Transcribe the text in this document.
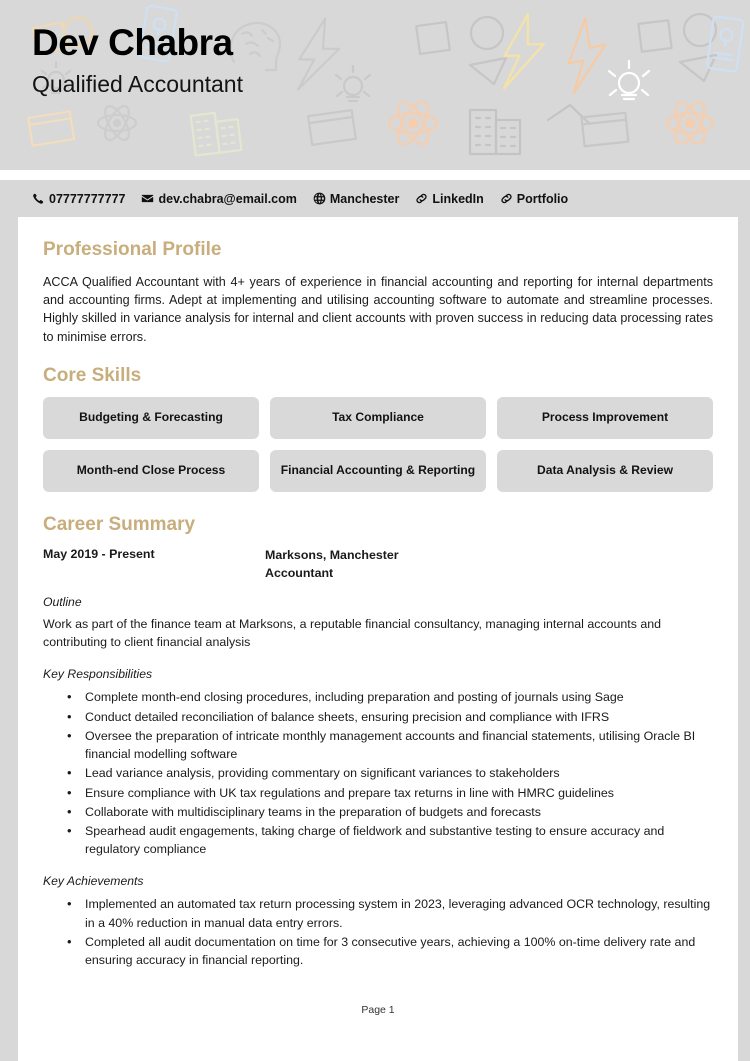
Dev Chabra
Qualified Accountant
07777777777	dev.chabra@email.com	Manchester	LinkedIn	Portfolio
Professional Profile

ACCA Qualified Accountant with 4+ years of experience in financial accounting and reporting for internal departments and accounting firms. Adept at implementing and utilising accounting software to automate and streamline processes. Highly skilled in variance analysis for internal and client accounts with proven success in reducing data processing rates to minimise errors.

Core Skills
Budgeting & Forecasting	Tax Compliance	Process Improvement
Month-end Close Process	Financial Accounting & Reporting	Data Analysis & Review
Career Summary
May 2019 - Present	Marksons, Manchester
Accountant
Outline

Work as part of the finance team at Marksons, a reputable financial consultancy, managing internal accounts and contributing to client financial analysis

Key Responsibilities
• Complete month-end closing procedures, including preparation and posting of journals using Sage
• Conduct detailed reconciliation of balance sheets, ensuring precision and compliance with IFRS
• Oversee the preparation of intricate monthly management accounts and financial statements, utilising Oracle BI financial modelling software
• Lead variance analysis, providing commentary on significant variances to stakeholders
• Ensure compliance with UK tax regulations and prepare tax returns in line with HMRC guidelines
• Collaborate with multidisciplinary teams in the preparation of budgets and forecasts
• Spearhead audit engagements, taking charge of fieldwork and substantive testing to ensure accuracy and regulatory compliance
Key Achievements
• Implemented an automated tax return processing system in 2023, leveraging advanced OCR technology, resulting in a 40% reduction in manual data entry errors.
• Completed all audit documentation on time for 3 consecutive years, achieving a 100% on-time delivery rate and ensuring accuracy in financial reporting.
Page 1
